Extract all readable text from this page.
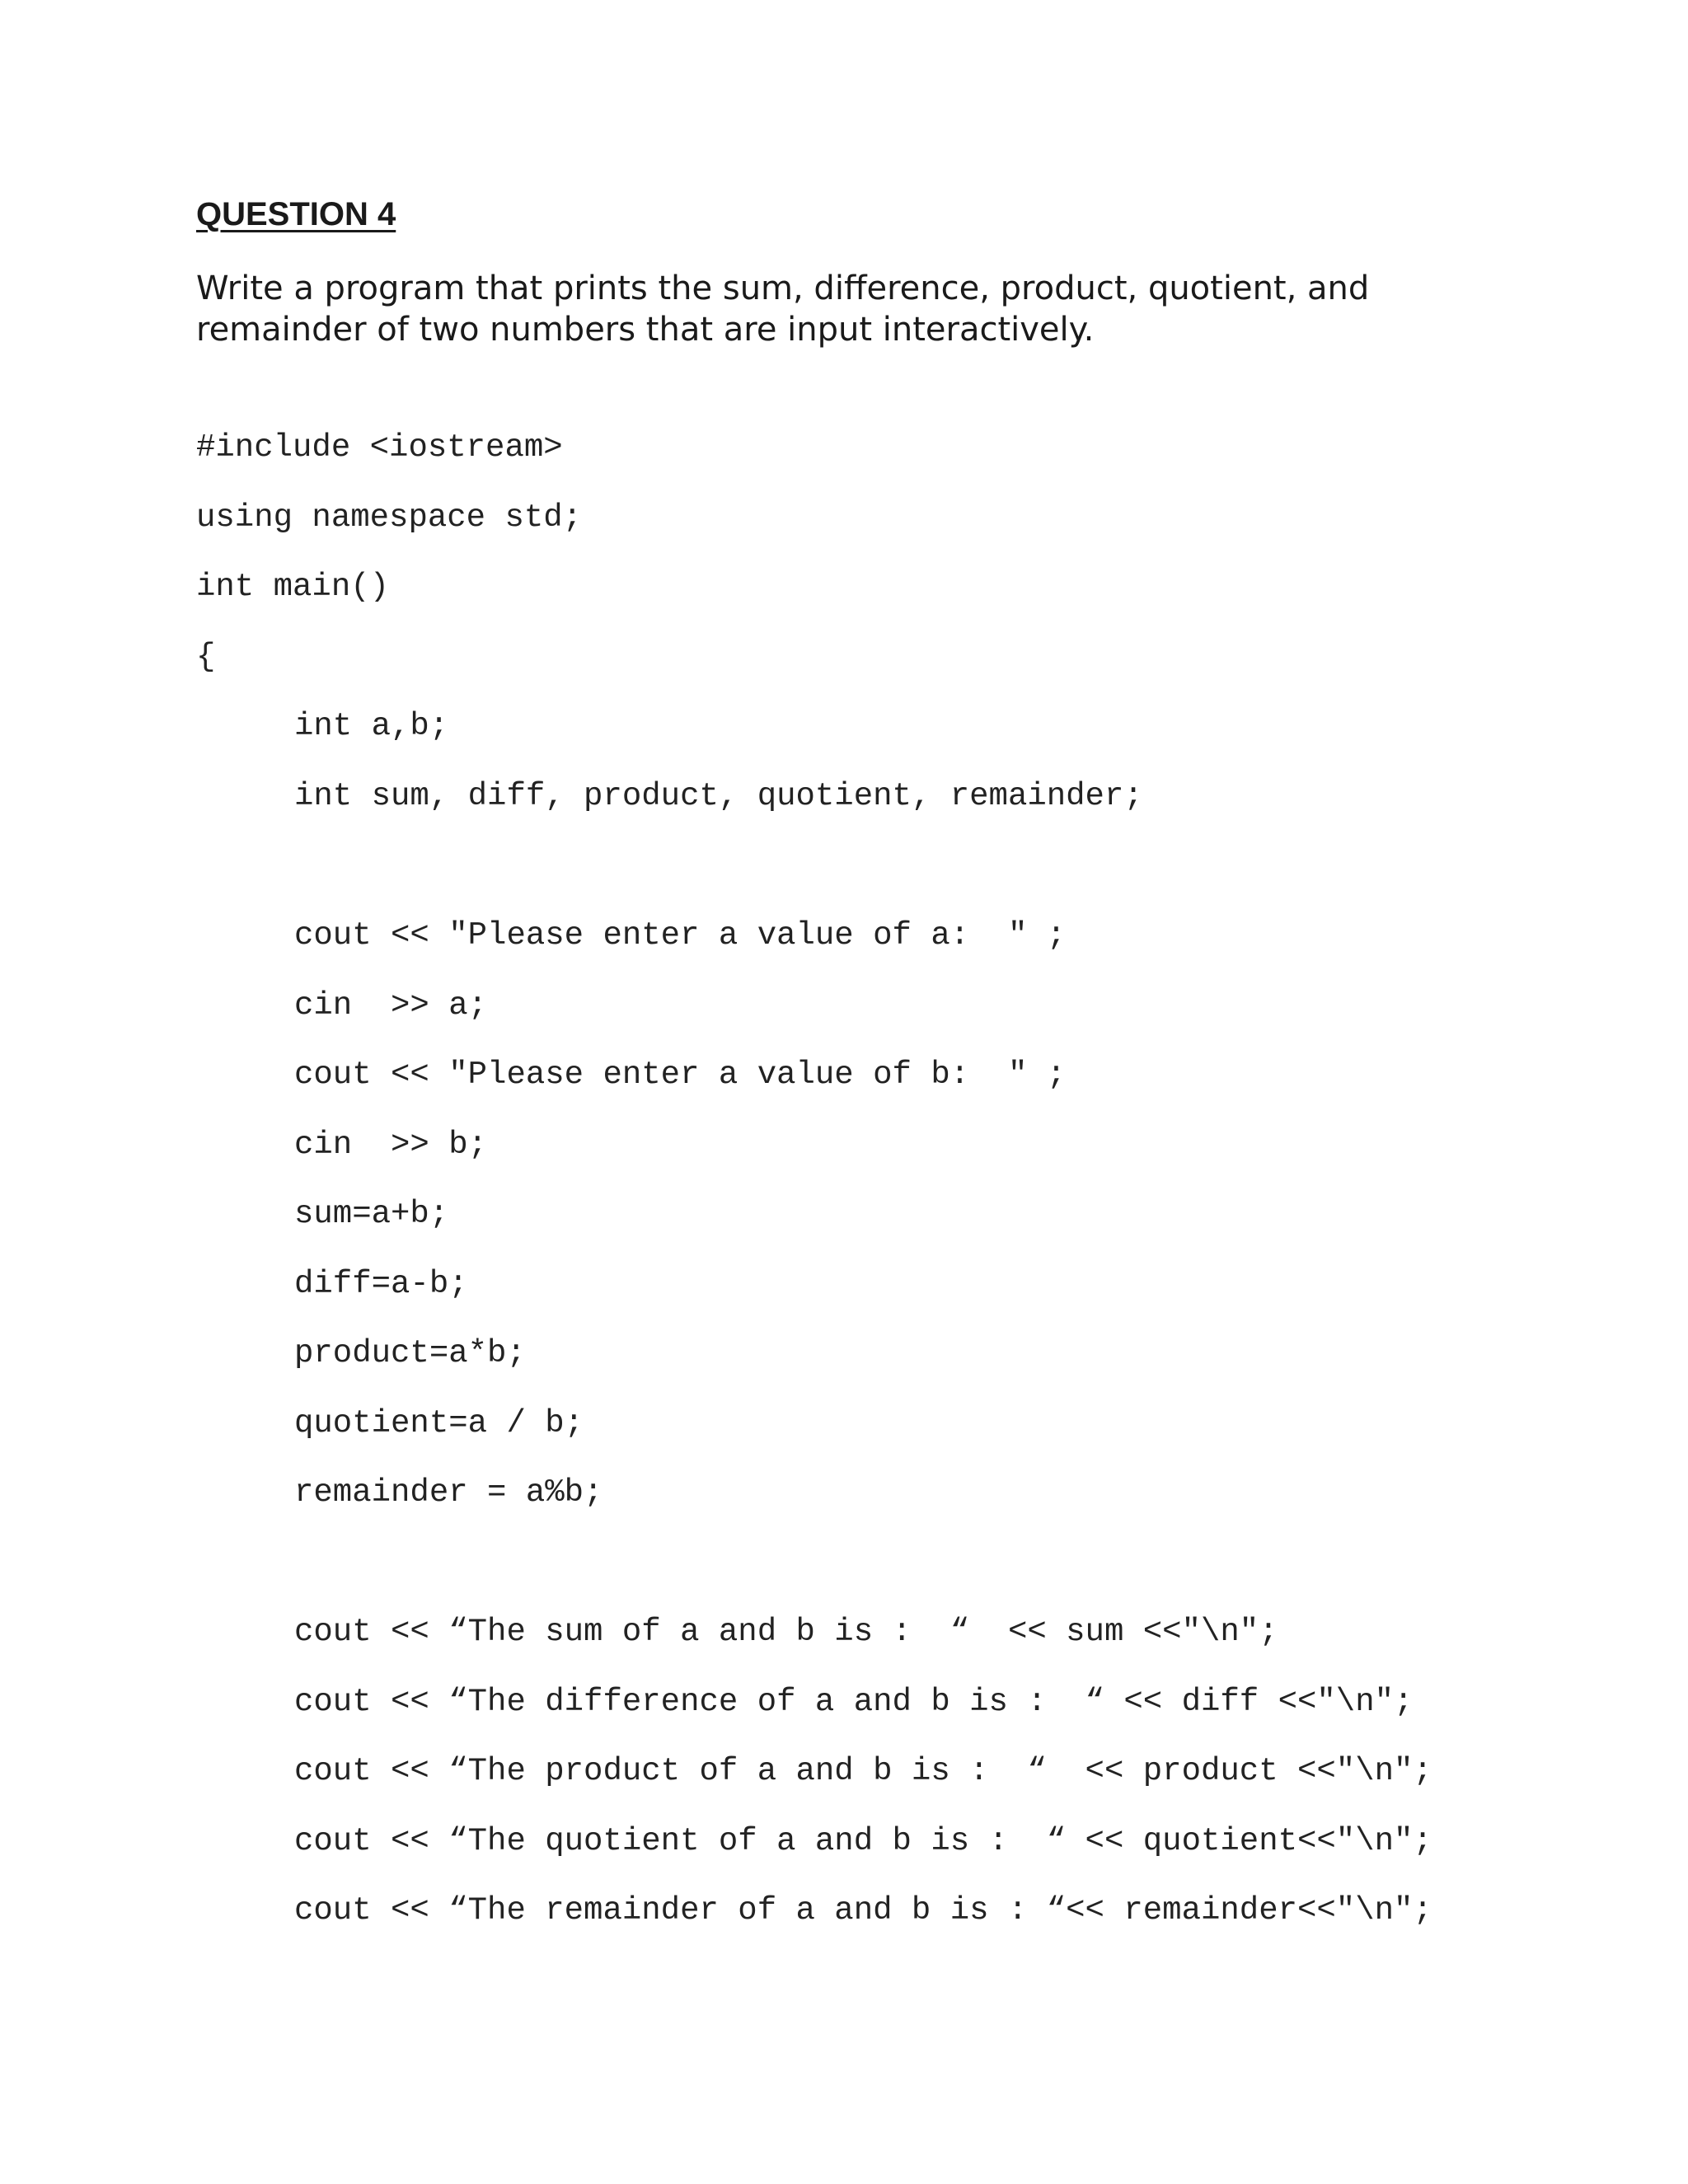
QUESTION 4
Write a program that prints the sum, difference, product, quotient, and
remainder of two numbers that are input interactively.
#include <iostream>
using namespace std;
int main()
{
int a,b;
int sum, diff, product, quotient, remainder;
cout << "Please enter a value of a:  " ;
cin  >> a;
cout << "Please enter a value of b:  " ;
cin  >> b;
sum=a+b;
diff=a-b;
product=a*b;
quotient=a / b;
remainder = a%b;
cout << “The sum of a and b is :  “  << sum <<"\n";
cout << “The difference of a and b is :  “ << diff <<"\n";
cout << “The product of a and b is :  “  << product <<"\n";
cout << “The quotient of a and b is :  “ << quotient<<"\n";
cout << “The remainder of a and b is : “<< remainder<<"\n";
